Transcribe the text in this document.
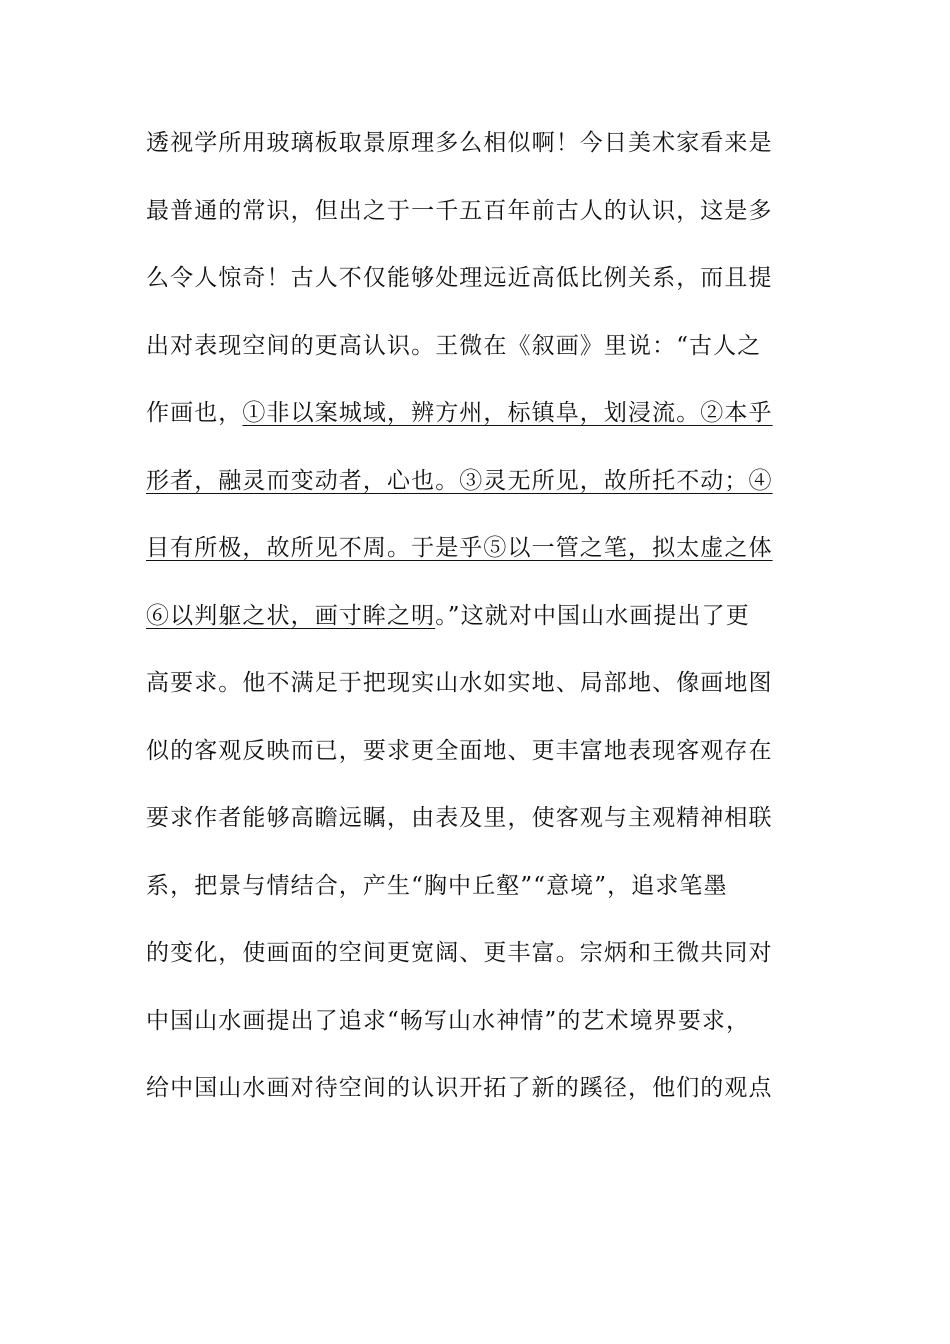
透视学所用玻璃板取景原理多么相似啊！今日美术家看来是
最普通的常识，但出之于一千五百年前古人的认识，这是多
么令人惊奇！古人不仅能够处理远近高低比例关系，而且提
出对表现空间的更高认识。王微在《叙画》里说：“古人之
作画也，①非以案城域，辨方州，标镇阜，划浸流。②本乎
形者，融灵而变动者，心也。③灵无所见，故所托不动；④
目有所极，故所见不周。于是乎⑤以一管之笔，拟太虚之体
⑥以判躯之状，画寸眸之明。”这就对中国山水画提出了更
高要求。他不满足于把现实山水如实地、局部地、像画地图
似的客观反映而已，要求更全面地、更丰富地表现客观存在
要求作者能够高瞻远瞩，由表及里，使客观与主观精神相联
系，把景与情结合，产生“胸中丘壑”“意境”，追求笔墨
的变化，使画面的空间更宽阔、更丰富。宗炳和王微共同对
中国山水画提出了追求“畅写山水神情”的艺术境界要求，
给中国山水画对待空间的认识开拓了新的蹊径，他们的观点
